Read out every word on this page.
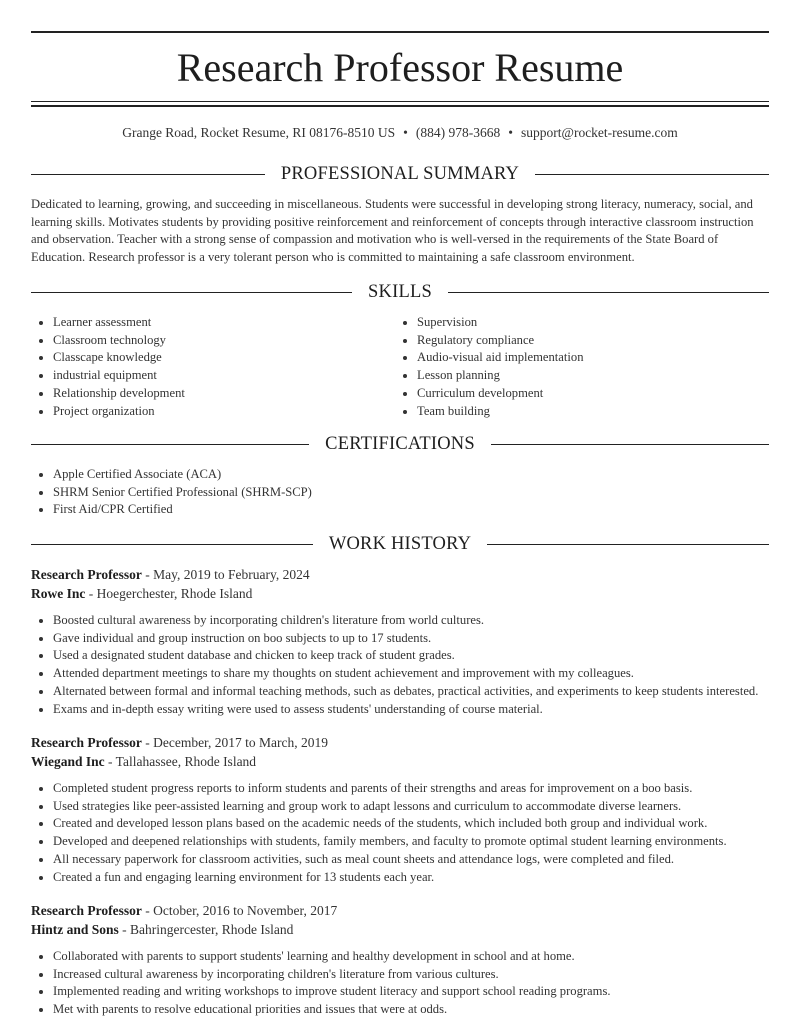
Research Professor Resume
Grange Road, Rocket Resume, RI 08176-8510 US • (884) 978-3668 • support@rocket-resume.com
PROFESSIONAL SUMMARY

Dedicated to learning, growing, and succeeding in miscellaneous. Students were successful in developing strong literacy, numeracy, social, and learning skills. Motivates students by providing positive reinforcement and reinforcement of concepts through interactive classroom instruction and observation. Teacher with a strong sense of compassion and motivation who is well-versed in the requirements of the State Board of Education. Research professor is a very tolerant person who is committed to maintaining a safe classroom environment.

SKILLS
• Learner assessment
• Classroom technology
• Classcape knowledge
• industrial equipment
• Relationship development
• Project organization
• Supervision
• Regulatory compliance
• Audio-visual aid implementation
• Lesson planning
• Curriculum development
• Team building
CERTIFICATIONS
• Apple Certified Associate (ACA)
• SHRM Senior Certified Professional (SHRM-SCP)
• First Aid/CPR Certified
WORK HISTORY
Research Professor - May, 2019 to February, 2024
Rowe Inc - Hoegerchester, Rhode Island
• Boosted cultural awareness by incorporating children's literature from world cultures.
• Gave individual and group instruction on boo subjects to up to 17 students.
• Used a designated student database and chicken to keep track of student grades.
• Attended department meetings to share my thoughts on student achievement and improvement with my colleagues.
• Alternated between formal and informal teaching methods, such as debates, practical activities, and experiments to keep students interested.
• Exams and in-depth essay writing were used to assess students' understanding of course material.
Research Professor - December, 2017 to March, 2019
Wiegand Inc - Tallahassee, Rhode Island
• Completed student progress reports to inform students and parents of their strengths and areas for improvement on a boo basis.
• Used strategies like peer-assisted learning and group work to adapt lessons and curriculum to accommodate diverse learners.
• Created and developed lesson plans based on the academic needs of the students, which included both group and individual work.
• Developed and deepened relationships with students, family members, and faculty to promote optimal student learning environments.
• All necessary paperwork for classroom activities, such as meal count sheets and attendance logs, were completed and filed.
• Created a fun and engaging learning environment for 13 students each year.
Research Professor - October, 2016 to November, 2017
Hintz and Sons - Bahringercester, Rhode Island
• Collaborated with parents to support students' learning and healthy development in school and at home.
• Increased cultural awareness by incorporating children's literature from various cultures.
• Implemented reading and writing workshops to improve student literacy and support school reading programs.
• Met with parents to resolve educational priorities and issues that were at odds.
